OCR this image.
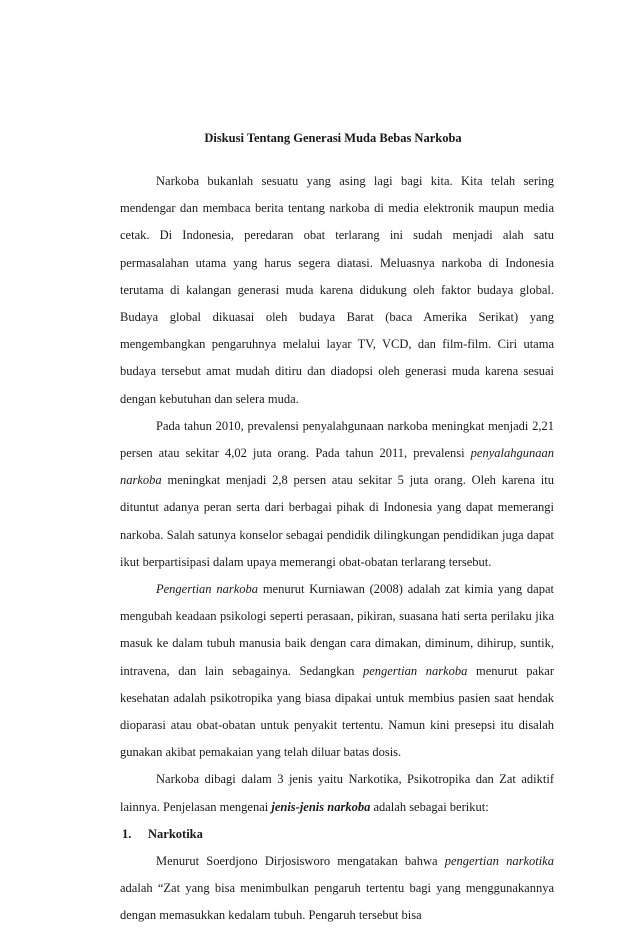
Diskusi Tentang Generasi Muda Bebas Narkoba

Narkoba bukanlah sesuatu yang asing lagi bagi kita. Kita telah sering mendengar dan membaca berita tentang narkoba di media elektronik maupun media cetak. Di Indonesia, peredaran obat terlarang ini sudah menjadi alah satu permasalahan utama yang harus segera diatasi. Meluasnya narkoba di Indonesia terutama di kalangan generasi muda karena didukung oleh faktor budaya global. Budaya global dikuasai oleh budaya Barat (baca Amerika Serikat) yang mengembangkan pengaruhnya melalui layar TV, VCD, dan film-film. Ciri utama budaya tersebut amat mudah ditiru dan diadopsi oleh generasi muda karena sesuai dengan kebutuhan dan selera muda.

Pada tahun 2010, prevalensi penyalahgunaan narkoba meningkat menjadi 2,21 persen atau sekitar 4,02 juta orang. Pada tahun 2011, prevalensi penyalahgunaan narkoba meningkat menjadi 2,8 persen atau sekitar 5 juta orang. Oleh karena itu dituntut adanya peran serta dari berbagai pihak di Indonesia yang dapat memerangi narkoba. Salah satunya konselor sebagai pendidik dilingkungan pendidikan juga dapat ikut berpartisipasi dalam upaya memerangi obat-obatan terlarang tersebut.

Pengertian narkoba menurut Kurniawan (2008) adalah zat kimia yang dapat mengubah keadaan psikologi seperti perasaan, pikiran, suasana hati serta perilaku jika masuk ke dalam tubuh manusia baik dengan cara dimakan, diminum, dihirup, suntik, intravena, dan lain sebagainya. Sedangkan pengertian narkoba menurut pakar kesehatan adalah psikotropika yang biasa dipakai untuk membius pasien saat hendak dioparasi atau obat-obatan untuk penyakit tertentu. Namun kini presepsi itu disalah gunakan akibat pemakaian yang telah diluar batas dosis.

Narkoba dibagi dalam 3 jenis yaitu Narkotika, Psikotropika dan Zat adiktif lainnya. Penjelasan mengenai jenis-jenis narkoba adalah sebagai berikut:

1. Narkotika

Menurut Soerdjono Dirjosisworo mengatakan bahwa pengertian narkotika adalah “Zat yang bisa menimbulkan pengaruh tertentu bagi yang menggunakannya dengan memasukkan kedalam tubuh. Pengaruh tersebut bisa
